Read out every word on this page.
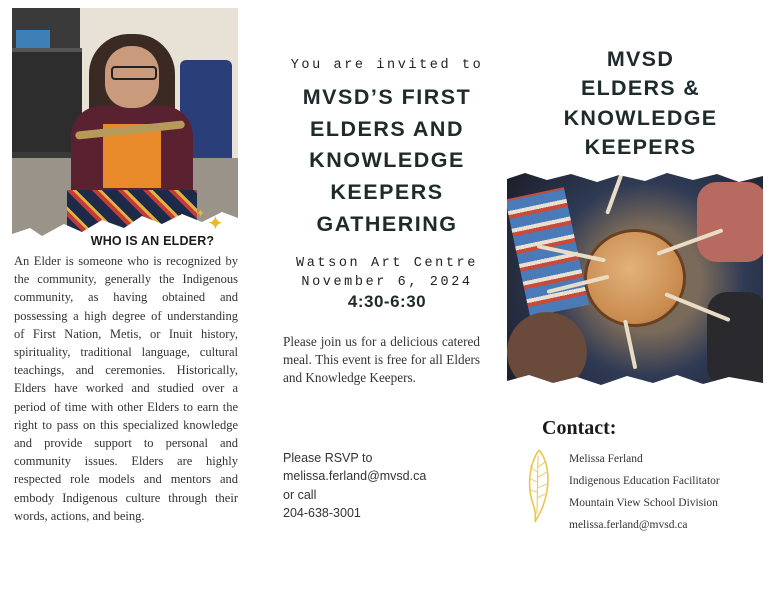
✦ ✦
WHO IS AN ELDER?
An Elder is someone who is recognized by the community, generally the Indigenous community, as having obtained and possessing a high degree of understanding of First Nation, Metis, or Inuit history, spirituality, traditional language, cultural teachings, and ceremonies. Historically, Elders have worked and studied over a period of time with other Elders to earn the right to pass on this specialized knowledge and provide support to personal and community issues. Elders are highly respected role models and mentors and embody Indigenous culture through their words, actions, and being.
You are invited to
MVSD’S FIRST
ELDERS AND
KNOWLEDGE
KEEPERS
GATHERING
Watson Art Centre
November 6, 2024
4:30-6:30
Please join us for a delicious catered meal. This event is free for all Elders and Knowledge Keepers.
Please RSVP to
melissa.ferland@mvsd.ca
or call
204-638-3001
MVSD
ELDERS &
KNOWLEDGE
KEEPERS
Contact:
Melissa Ferland
Indigenous Education Facilitator
Mountain View School Division
melissa.ferland@mvsd.ca
